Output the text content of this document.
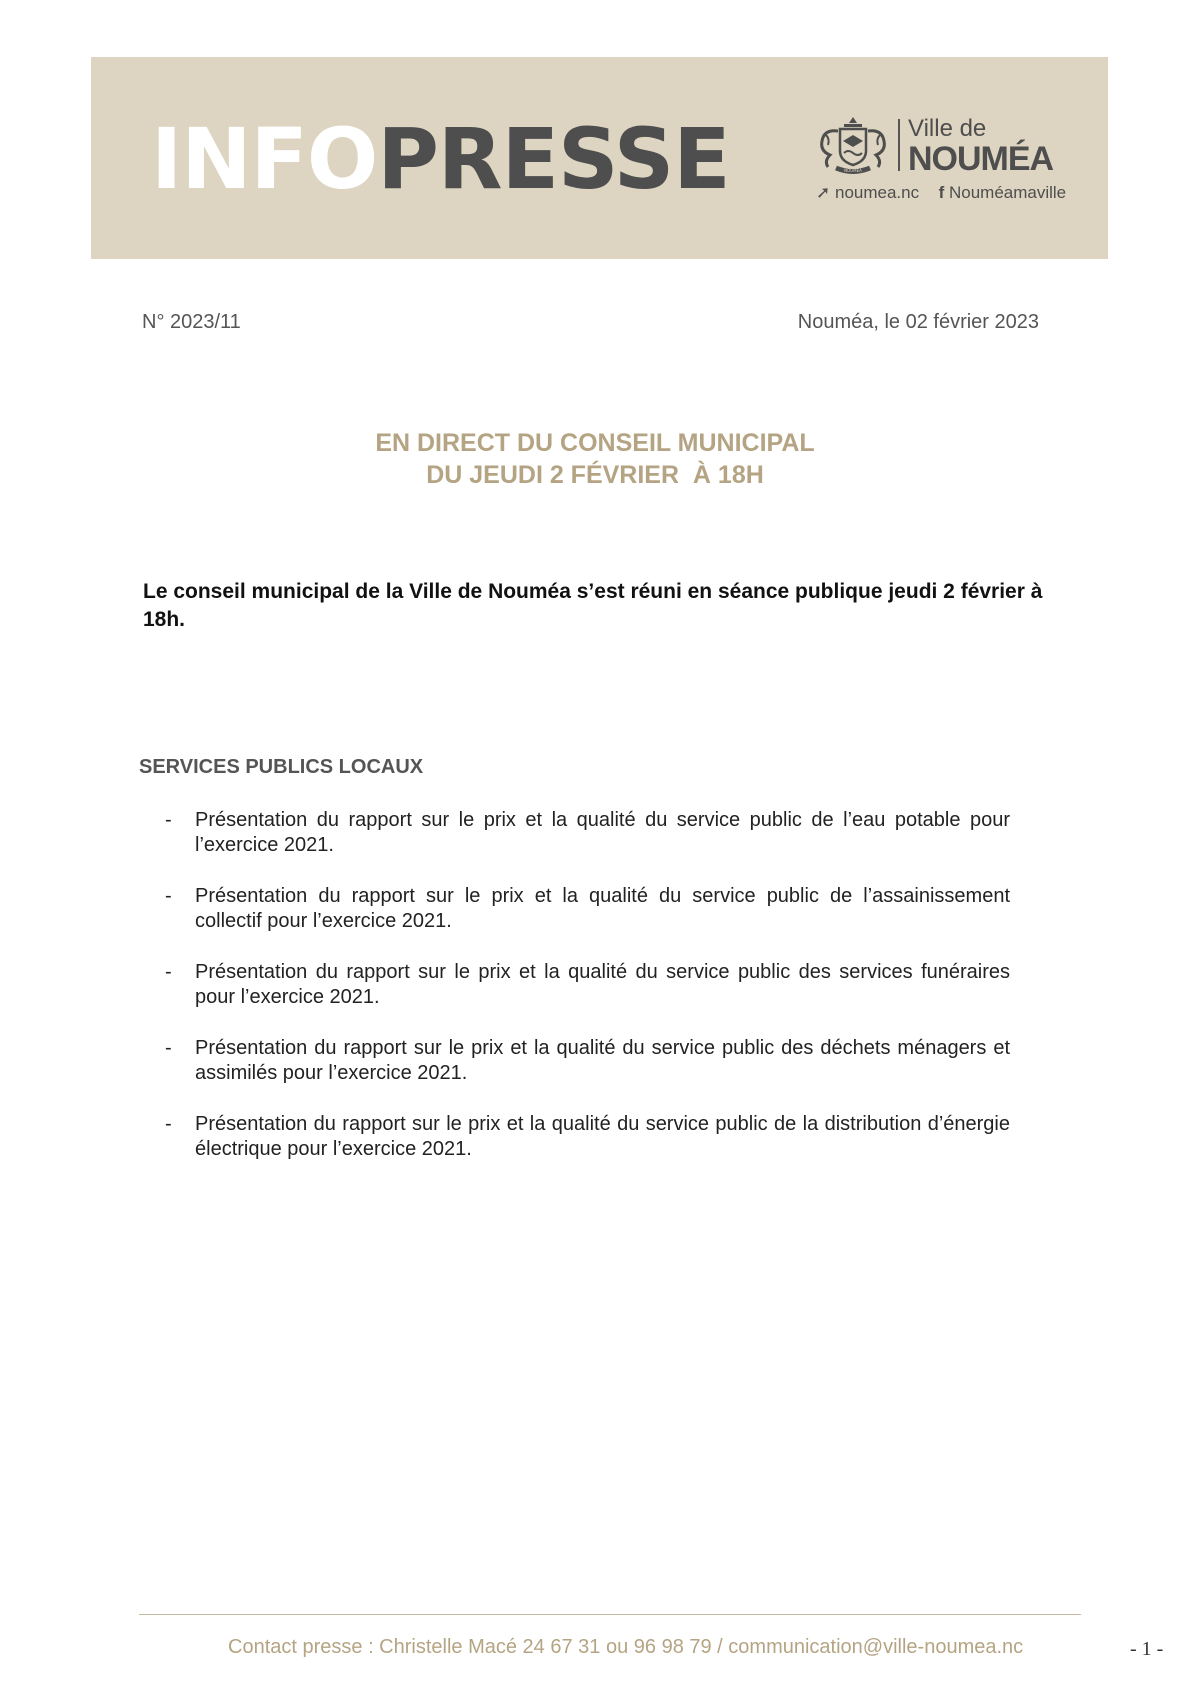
INFOPRESSE	NOUMÉA
Ville de
NOUMÉA
➚ noumea.nc f Nouméamaville
N° 2023/11	Nouméa, le 02 février 2023
EN DIRECT DU CONSEIL MUNICIPAL
DU JEUDI 2 FÉVRIER  À 18H
Le conseil municipal de la Ville de Nouméa s’est réuni en séance publique jeudi 2 février à 18h.
SERVICES PUBLICS LOCAUX
- Présentation du rapport sur le prix et la qualité du service public de l’eau potable pour l’exercice 2021.
- Présentation du rapport sur le prix et la qualité du service public de l’assainissement collectif pour l’exercice 2021.
- Présentation du rapport sur le prix et la qualité du service public des services funéraires pour l’exercice 2021.
- Présentation du rapport sur le prix et la qualité du service public des déchets ménagers et assimilés pour l’exercice 2021.
- Présentation du rapport sur le prix et la qualité du service public de la distribution d’énergie électrique pour l’exercice 2021.
Contact presse : Christelle Macé 24 67 31 ou 96 98 79 / communication@ville-noumea.nc	- 1 -
